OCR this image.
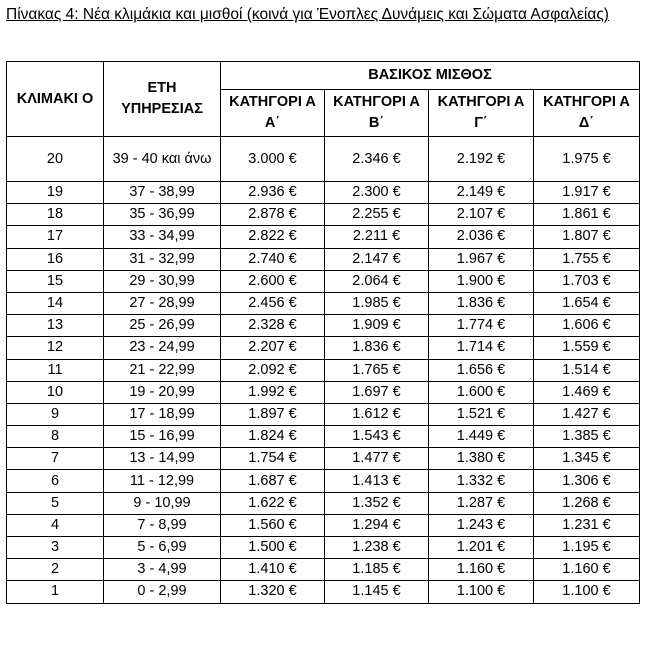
Πίνακας 4: Νέα κλιμάκια και μισθοί (κοινά για Ένοπλες Δυνάμεις και Σώματα Ασφαλείας)

ΚΛΙΜΑΚΙ Ο	ΕΤΗ ΥΠΗΡΕΣΙΑΣ	ΒΑΣΙΚΟΣ ΜΙΣΘΟΣ			
		ΚΑΤΗΓΟΡΙ Α Α΄	ΚΑΤΗΓΟΡΙ Α Β΄	ΚΑΤΗΓΟΡΙ Α Γ΄	ΚΑΤΗΓΟΡΙ Α Δ΄
20	39 - 40 και άνω	3.000 €	2.346 €	2.192 €	1.975 €
19	37 - 38,99	2.936 €	2.300 €	2.149 €	1.917 €
18	35 - 36,99	2.878 €	2.255 €	2.107 €	1.861 €
17	33 - 34,99	2.822 €	2.211 €	2.036 €	1.807 €
16	31 - 32,99	2.740 €	2.147 €	1.967 €	1.755 €
15	29 - 30,99	2.600 €	2.064 €	1.900 €	1.703 €
14	27 - 28,99	2.456 €	1.985 €	1.836 €	1.654 €
13	25 - 26,99	2.328 €	1.909 €	1.774 €	1.606 €
12	23 - 24,99	2.207 €	1.836 €	1.714 €	1.559 €
11	21 - 22,99	2.092 €	1.765 €	1.656 €	1.514 €
10	19 - 20,99	1.992 €	1.697 €	1.600 €	1.469 €
9	17 - 18,99	1.897 €	1.612 €	1.521 €	1.427 €
8	15 - 16,99	1.824 €	1.543 €	1.449 €	1.385 €
7	13 - 14,99	1.754 €	1.477 €	1.380 €	1.345 €
6	11 - 12,99	1.687 €	1.413 €	1.332 €	1.306 €
5	9 - 10,99	1.622 €	1.352 €	1.287 €	1.268 €
4	7 - 8,99	1.560 €	1.294 €	1.243 €	1.231 €
3	5 - 6,99	1.500 €	1.238 €	1.201 €	1.195 €
2	3 - 4,99	1.410 €	1.185 €	1.160 €	1.160 €
1	0 - 2,99	1.320 €	1.145 €	1.100 €	1.100 €
